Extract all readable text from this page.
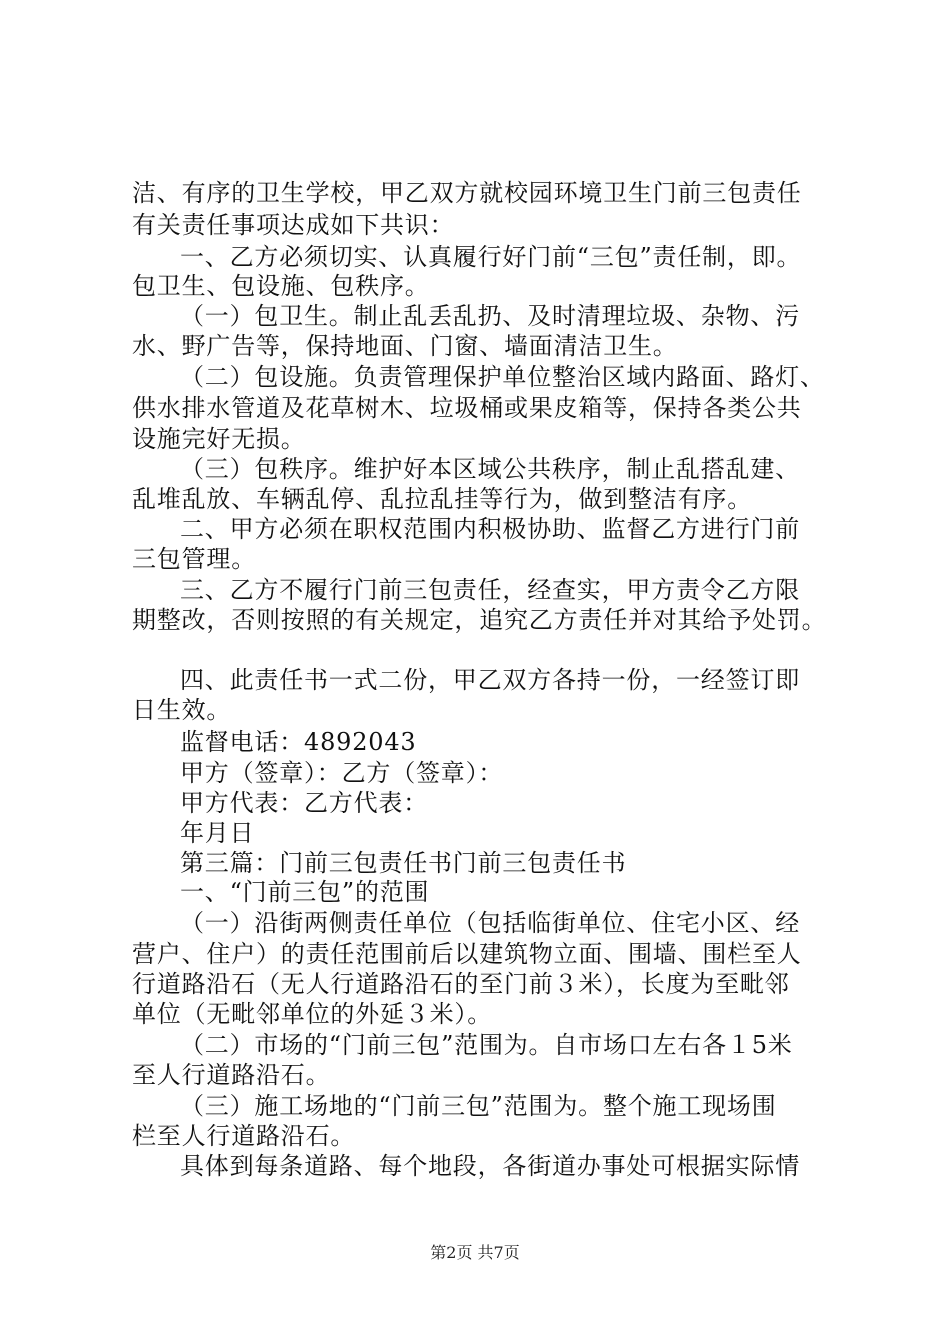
洁、有序的卫生学校，甲乙双方就校园环境卫生门前三包责任
有关责任事项达成如下共识：
一、乙方必须切实、认真履行好门前“三包”责任制，即。
包卫生、包设施、包秩序。
（一）包卫生。制止乱丢乱扔、及时清理垃圾、杂物、污
水、野广告等，保持地面、门窗、墙面清洁卫生。
（二）包设施。负责管理保护单位整治区域内路面、路灯、
供水排水管道及花草树木、垃圾桶或果皮箱等，保持各类公共
设施完好无损。
（三）包秩序。维护好本区域公共秩序，制止乱搭乱建、
乱堆乱放、车辆乱停、乱拉乱挂等行为，做到整洁有序。
二、甲方必须在职权范围内积极协助、监督乙方进行门前
三包管理。
三、乙方不履行门前三包责任，经查实，甲方责令乙方限
期整改，否则按照的有关规定，追究乙方责任并对其给予处罚。
四、此责任书一式二份，甲乙双方各持一份，一经签订即
日生效。
监督电话：4892043
甲方（签章）：乙方（签章）：
甲方代表：乙方代表：
年月日
第三篇：门前三包责任书门前三包责任书
一、“门前三包”的范围
（一）沿街两侧责任单位（包括临街单位、住宅小区、经
营户、住户）的责任范围前后以建筑物立面、围墙、围栏至人
行道路沿石（无人行道路沿石的至门前３米），长度为至毗邻
单位（无毗邻单位的外延３米）。
（二）市场的“门前三包”范围为。自市场口左右各１5米
至人行道路沿石。
（三）施工场地的“门前三包”范围为。整个施工现场围
栏至人行道路沿石。
具体到每条道路、每个地段，各街道办事处可根据实际情
第2页 共7页
